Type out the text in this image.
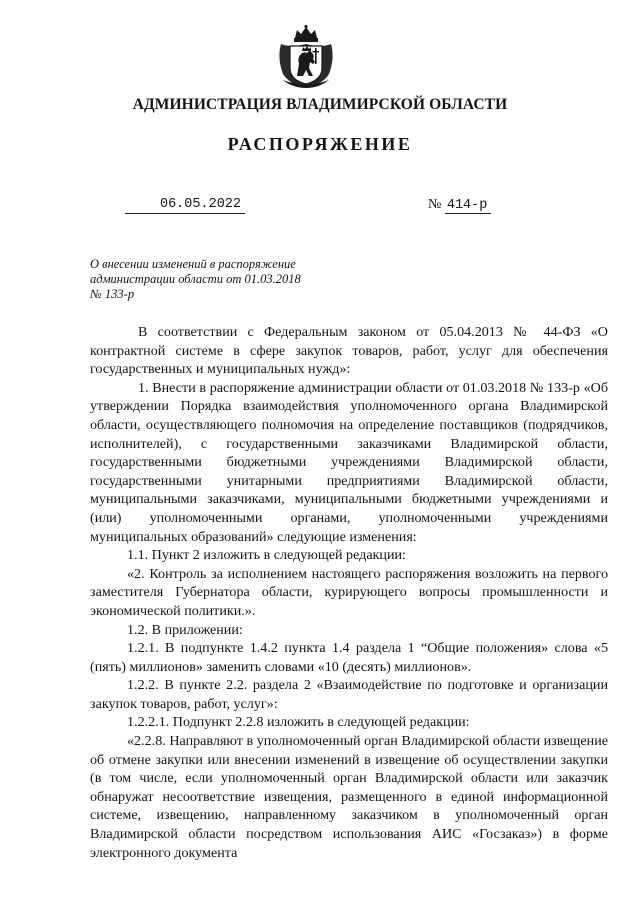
АДМИНИСТРАЦИЯ ВЛАДИМИРСКОЙ ОБЛАСТИ
РАСПОРЯЖЕНИЕ
06.05.2022	№ 414-р
О внесении изменений в распоряжение
администрации области от 01.03.2018
№ 133-р

В соответствии с Федеральным законом от 05.04.2013 № 44-ФЗ «О контрактной системе в сфере закупок товаров, работ, услуг для обеспечения государственных и муниципальных нужд»:

1. Внести в распоряжение администрации области от 01.03.2018 № 133-р «Об утверждении Порядка взаимодействия уполномоченного органа Владимирской области, осуществляющего полномочия на определение поставщиков (подрядчиков, исполнителей), с государственными заказчиками Владимирской области, государственными бюджетными учреждениями Владимирской области, государственными унитарными предприятиями Владимирской области, муниципальными заказчиками, муниципальными бюджетными учреждениями и (или) уполномоченными органами, уполномоченными учреждениями муниципальных образований» следующие изменения:

1.1. Пункт 2 изложить в следующей редакции:

«2. Контроль за исполнением настоящего распоряжения возложить на первого заместителя Губернатора области, курирующего вопросы промышленности и экономической политики.».

1.2. В приложении:

1.2.1. В подпункте 1.4.2 пункта 1.4 раздела 1 “Общие положения» слова «5 (пять) миллионов» заменить словами «10 (десять) миллионов».

1.2.2. В пункте 2.2. раздела 2 «Взаимодействие по подготовке и организации закупок товаров, работ, услуг»:

1.2.2.1. Подпункт 2.2.8 изложить в следующей редакции:

«2.2.8. Направляют в уполномоченный орган Владимирской области извещение об отмене закупки или внесении изменений в извещение об осуществлении закупки (в том числе, если уполномоченный орган Владимирской области или заказчик обнаружат несоответствие извещения, размещенного в единой информационной системе, извещению, направленному заказчиком в уполномоченный орган Владимирской области посредством использования АИС «Госзаказ») в форме электронного документа
